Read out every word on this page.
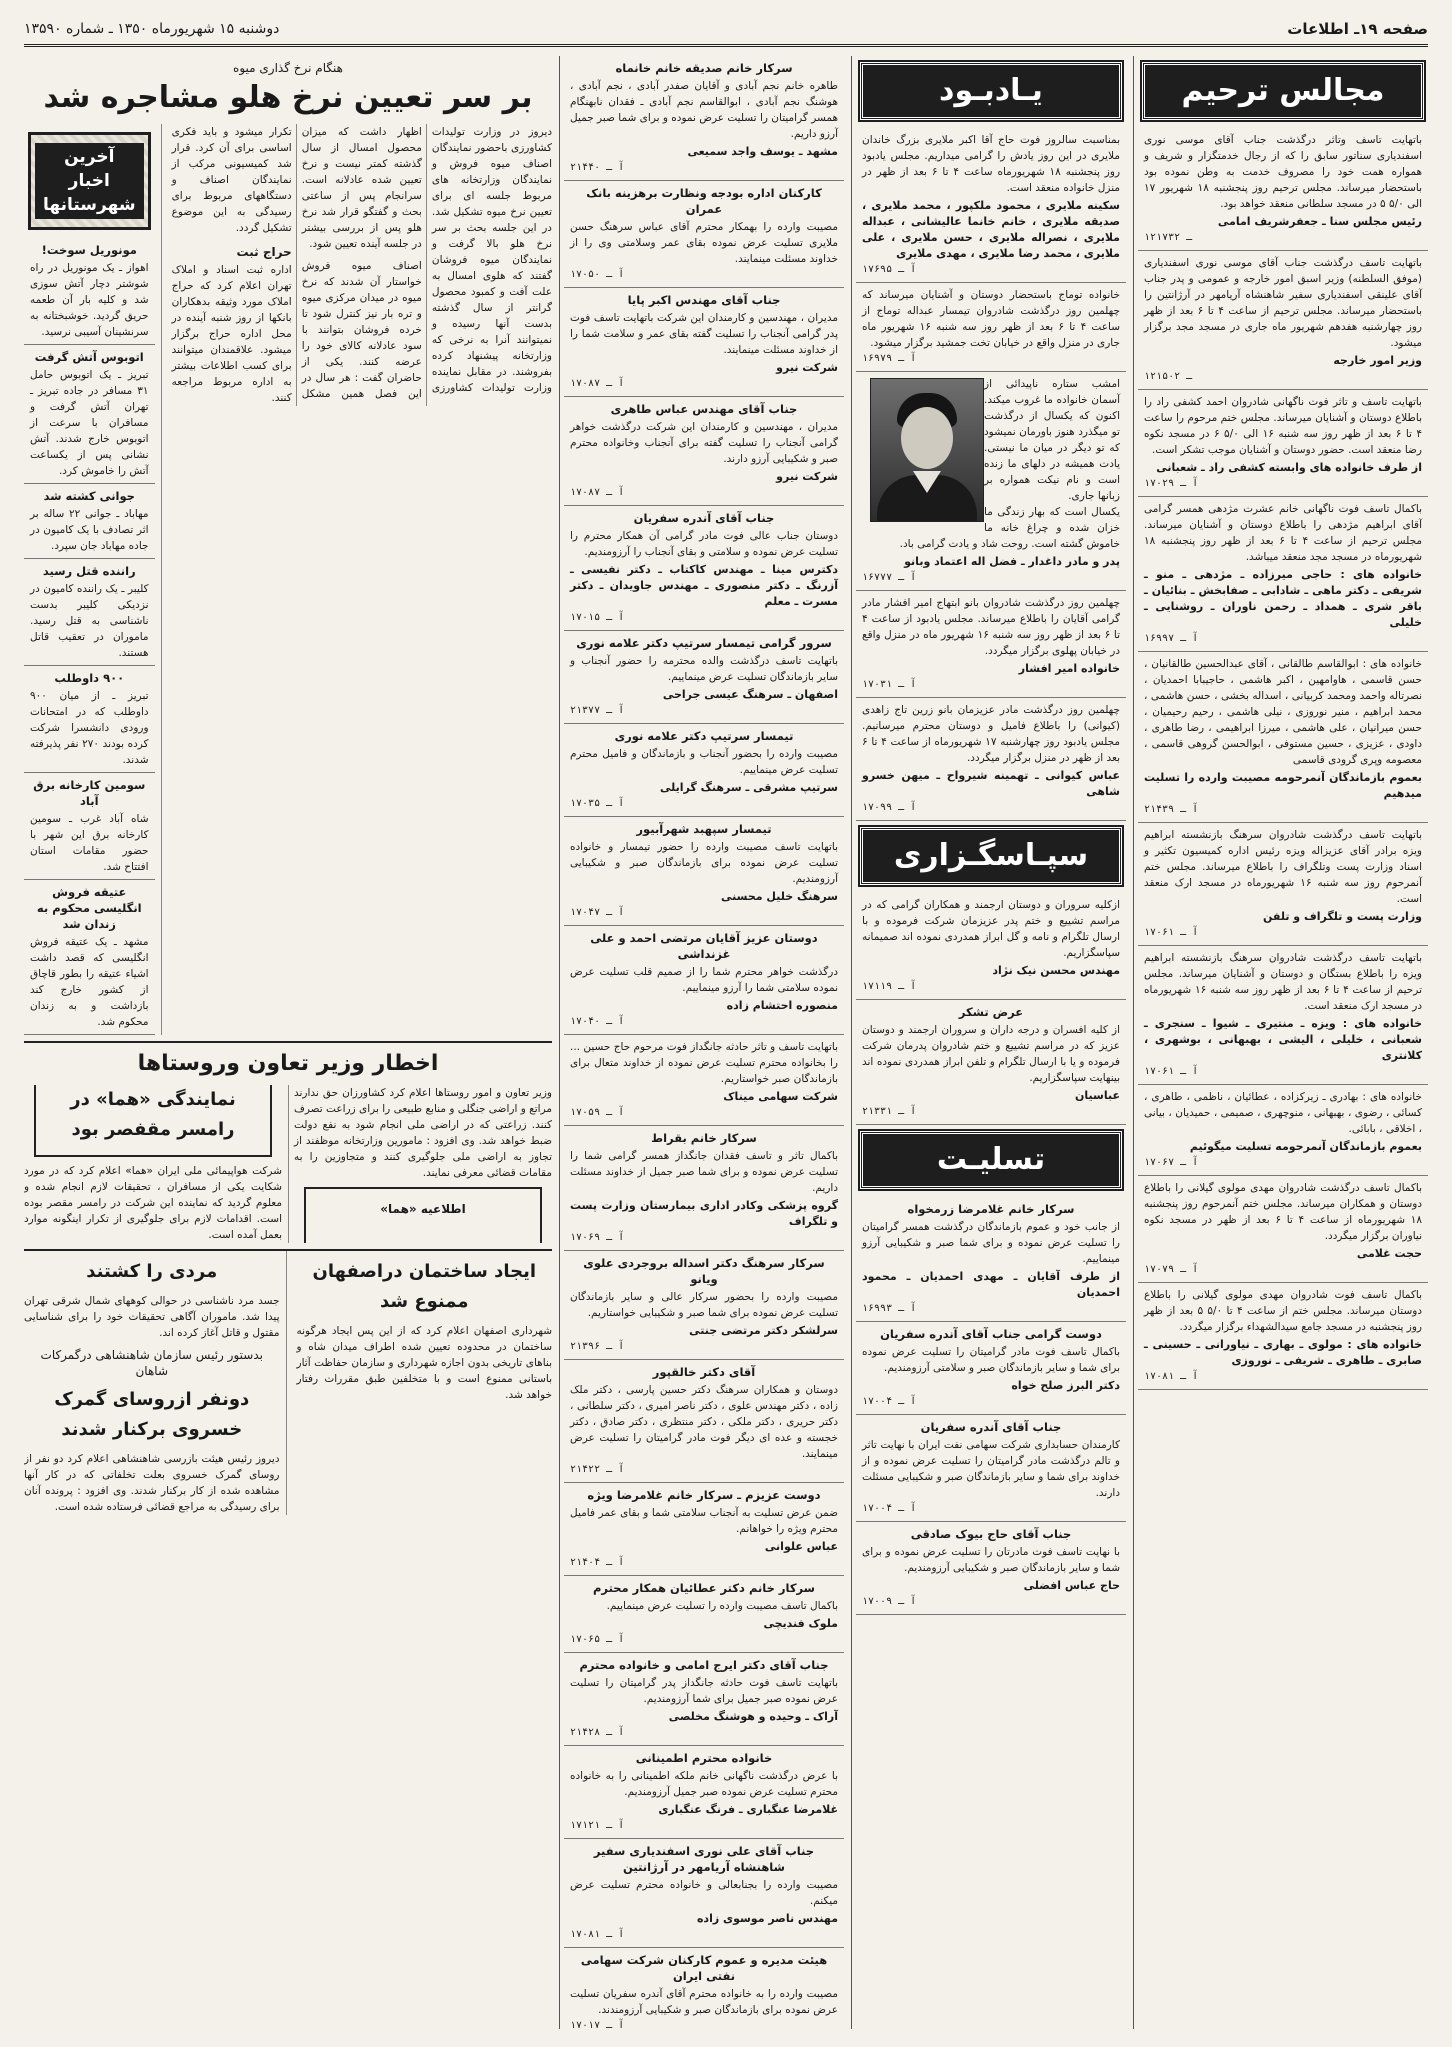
صفحه ۱۹ـ اطلاعات
دوشنبه ۱۵ شهریورماه ۱۳۵۰ ـ شماره ۱۳۵۹۰
مجالس ترحیم
باتهایت تاسف وتاثر درگذشت جناب آقای موسی نوری اسفندیاری سناتور سابق را که از رجال خدمتگزار و شریف و همواره همت خود را مصروف خدمت به وطن نموده بود باستحضار میرساند. مجلس ترحیم روز پنجشنبه ۱۸ شهریور ۱۷ الی ۵/۰ ۵ در مسجد سلطانی منعقد خواهد بود.
رئیس مجلس سنا ـ جعفرشریف امامی
۱ـ ۲۱۷۳۲
باتهایت تاسف درگذشت جناب آقای موسی نوری اسفندیاری (موفق السلطنه) وزیر اسبق امور خارجه و عمومی و پدر جناب آقای علینقی اسفندیاری سفیر شاهنشاه آریامهر در آرژانتین را باستحضار میرساند. مجلس ترحیم از ساعت ۴ تا ۶ بعد از ظهر روز چهارشنبه هفدهم شهریور ماه جاری در مسجد مجد برگزار میشود.
وزیر امور خارجه
۱ـ ۲۱۵۰۲
باتهایت تاسف و تاثر فوت ناگهانی شادروان احمد کشفی راد را باطلاع دوستان و آشنایان میرساند. مجلس ختم مرحوم را ساعت ۴ تا ۶ بعد از ظهر روز سه شنبه ۱۶ الی ۵/۰ ۶ در مسجد نکوه رضا منعقد است. حضور دوستان و آشنایان موجب تشکر است.
از طرف خانواده های وابسته کشفی راد ـ شعبانی
آ ـ ۱۷۰۲۹
باکمال تاسف فوت ناگهانی خانم عشرت مژدهی همسر گرامی آقای ابراهیم مژدهی را باطلاع دوستان و آشنایان میرساند. مجلس ترحیم از ساعت ۴ تا ۶ بعد از ظهر روز پنجشنبه ۱۸ شهریورماه در مسجد مجد منعقد میباشد.
خانواده های : حاجی میرزاده ـ مژدهی ـ منو ـ شریفی ـ دکتر ماهی ـ شادابی ـ صفابخش ـ بنائیان ـ باقر شری ـ همداد ـ رحمن ناوران ـ روشنایی ـ خلیلی
آ ـ ۱۶۹۹۷
خانواده های : ابوالقاسم طالقانی ، آقای عبدالحسین طالقانیان ، حسن قاسمی ، هاوامهین ، اکبر هاشمی ، حاجیبابا احمدیان ، نصرتاله واحمد ومحمد کربیانی ، اسداله بخشی ، حسن هاشمی ، محمد ابراهیم ، منیر نوروزی ، نیلی هاشمی ، رحیم رحیمیان ، حسن میرانیان ، علی هاشمی ، میرزا ابراهیمی ، رضا طاهری ، داودی ، عزیزی ، حسین مستوفی ، ابوالحسن گروهی قاسمی ، معصومه وپری گرودی قاسمی
بعموم بازماندگان آنمرحومه مصیبت وارده را تسلیت میدهیم
آ ـ ۲۱۴۳۹
باتهایت تاسف درگذشت شادروان سرهنگ بازنشسته ابراهیم ویزه برادر آقای عزیزاله ویزه رئیس اداره کمیسیون تکثیر و اسناد وزارت پست وتلگراف را باطلاع میرساند. مجلس ختم آنمرحوم روز سه شنبه ۱۶ شهریورماه در مسجد ارک منعقد است.
وزارت پست و تلگراف و تلفن
آ ـ ۱۷۰۶۱
باتهایت تاسف درگذشت شادروان سرهنگ بازنشسته ابراهیم ویزه را باطلاع بستگان و دوستان و آشنایان میرساند. مجلس ترحیم از ساعت ۴ تا ۶ بعد از ظهر روز سه شنبه ۱۶ شهریورماه در مسجد ارک منعقد است.
خانواده های : ویزه ـ منتیری ـ شیوا ـ سنجری ـ شعبانی ، خلیلی ، الیشی ، بهبهانی ، بوشهری ، کلانتری
آ ـ ۱۷۰۶۱
خانواده های : بهادری ـ زیرکزاده ، عطائیان ، ناظمی ، طاهری ، کسائی ، رضوی ، بهبهانی ، منوچهری ، صمیمی ، حمیدیان ، بیانی ، اخلاقی ، بابائی.
بعموم بازماندگان آنمرحومه تسلیت میگوئیم
آ ـ ۱۷۰۶۷
باکمال تاسف درگذشت شادروان مهدی مولوی گیلانی را باطلاع دوستان و همکاران میرساند. مجلس ختم آنمرحوم روز پنجشنبه ۱۸ شهریورماه از ساعت ۴ تا ۶ بعد از ظهر در مسجد نکوه نیاوران برگزار میگردد.
حجت غلامی
آ ـ ۱۷۰۷۹
باکمال تاسف فوت شادروان مهدی مولوی گیلانی را باطلاع دوستان میرساند. مجلس ختم از ساعت ۴ تا ۵/۰ ۵ بعد از ظهر روز پنجشنبه در مسجد جامع سیدالشهداء برگزار میگردد.
خانواده های : مولوی ـ بهاری ـ نیاورانی ـ حسینی ـ صابری ـ طاهری ـ شریفی ـ نوروزی
آ ـ ۱۷۰۸۱
یـادبـود
بمناسبت سالروز فوت حاج آقا اکبر ملایری بزرگ خاندان ملایری در این روز یادش را گرامی میداریم. مجلس یادبود روز پنجشنبه ۱۸ شهریورماه ساعت ۴ تا ۶ بعد از ظهر در منزل خانواده منعقد است.
سکینه ملایری ، محمود ملکپور ، محمد ملایری ، صدیقه ملایری ، خانم خانما عالیشانی ، عبداله ملایری ، نصراله ملایری ، حسن ملایری ، علی ملایری ، محمد رضا ملایری ، مهدی ملایری
آ ـ ۱۷۶۹۵
خانواده توماج باستحضار دوستان و آشنایان میرساند که چهلمین روز درگذشت شادروان تیمسار عبداله توماج از ساعت ۴ تا ۶ بعد از ظهر روز سه شنبه ۱۶ شهریور ماه جاری در منزل واقع در خیابان تخت جمشید برگزار میشود.
آ ـ ۱۶۹۷۹
امشب ستاره ناپیدائی از آسمان خانواده ما غروب میکند. اکنون که یکسال از درگذشت تو میگذرد هنوز باورمان نمیشود که تو دیگر در میان ما نیستی. یادت همیشه در دلهای ما زنده است و نام نیکت همواره بر زبانها جاری.
یکسال است که بهار زندگی ما خزان شده و چراغ خانه ما خاموش گشته است. روحت شاد و یادت گرامی باد.
پدر و مادر داغدار ـ فضل اله اعتماد وبانو
آ ـ ۱۶۷۷۷
چهلمین روز درگذشت شادروان بانو ابتهاج امیر افشار مادر گرامی آقایان را باطلاع میرساند. مجلس یادبود از ساعت ۴ تا ۶ بعد از ظهر روز سه شنبه ۱۶ شهریور ماه در منزل واقع در خیابان پهلوی برگزار میگردد.
خانواده امیر افشار
آ ـ ۱۷۰۳۱
چهلمین روز درگذشت مادر عزیزمان بانو زرین تاج زاهدی (کیوانی) را باطلاع فامیل و دوستان محترم میرسانیم. مجلس یادبود روز چهارشنبه ۱۷ شهریورماه از ساعت ۴ تا ۶ بعد از ظهر در منزل برگزار میگردد.
عباس کیوانی ـ تهمینه شیرواح ـ میهن خسرو شاهی
آ ـ ۱۷۰۹۹
سپـاسگـزاری
ازکلیه سروران و دوستان ارجمند و همکاران گرامی که در مراسم تشییع و ختم پدر عزیزمان شرکت فرموده و با ارسال تلگرام و نامه و گل ابراز همدردی نموده اند صمیمانه سپاسگزاریم.
مهندس محسن نیک نژاد
آ ـ ۱۷۱۱۹
عرض تشکر
از کلیه افسران و درجه داران و سروران ارجمند و دوستان عزیز که در مراسم تشییع و ختم شادروان پدرمان شرکت فرموده و یا با ارسال تلگرام و تلفن ابراز همدردی نموده اند بینهایت سپاسگزاریم.
عباسیان
آ ـ ۲۱۳۳۱
تسلیـت
سرکار خانم غلامرضا زرمخواه
از جانب خود و عموم بازماندگان درگذشت همسر گرامیتان را تسلیت عرض نموده و برای شما صبر و شکیبایی آرزو مینماییم.
از طرف آقایان ـ مهدی احمدیان ـ محمود احمدیان
آ ـ ۱۶۹۹۳
دوست گرامی جناب آقای آندره سفریان
باکمال تاسف فوت مادر گرامیتان را تسلیت عرض نموده برای شما و سایر بازماندگان صبر و سلامتی آرزومندیم.
دکتر البرز صلح خواه
آ ـ ۱۷۰۰۴
جناب آقای آندره سفریان
کارمندان حسابداری شرکت سهامی نفت ایران با نهایت تاثر و تالم درگذشت مادر گرامیتان را تسلیت عرض نموده و از خداوند برای شما و سایر بازماندگان صبر و شکیبایی مسئلت دارند.
آ ـ ۱۷۰۰۴
جناب آقای حاج بیوک صادقی
با نهایت تاسف فوت مادرتان را تسلیت عرض نموده و برای شما و سایر بازماندگان صبر و شکیبایی آرزومندیم.
حاج عباس افضلی
آ ـ ۱۷۰۰۹
سرکار خانم صدیقه خانم خانماه
طاهره خانم نجم آبادی و آقایان صفدر آبادی ، نجم آبادی ، هوشنگ نجم آبادی ، ابوالقاسم نجم آبادی ـ فقدان نابهنگام همسر گرامیتان را تسلیت عرض نموده و برای شما صبر جمیل آرزو داریم.
مشهد ـ یوسف واجد سمیعی
آ ـ ۲۱۴۴۰
کارکنان اداره بودجه ونظارت برهزینه بانک عمران
مصیبت وارده را بهمکار محترم آقای عباس سرهنگ حسن ملایری تسلیت عرض نموده بقای عمر وسلامتی وی را از خداوند مسئلت مینمایند.
آ ـ ۱۷۰۵۰
جناب آقای مهندس اکبر پایا
مدیران ، مهندسین و کارمندان این شرکت باتهایت تاسف فوت پدر گرامی آنجناب را تسلیت گفته بقای عمر و سلامت شما را از خداوند مسئلت مینمایند.
شرکت نیرو
آ ـ ۱۷۰۸۷
جناب آقای مهندس عباس طاهری
مدیران ، مهندسین و کارمندان این شرکت درگذشت خواهر گرامی آنجناب را تسلیت گفته برای آنجناب وخانواده محترم صبر و شکیبایی آرزو دارند.
شرکت نیرو
آ ـ ۱۷۰۸۷
جناب آقای آندره سفریان
دوستان جناب عالی فوت مادر گرامی آن همکار محترم را تسلیت عرض نموده و سلامتی و بقای آنجناب را آرزومندیم.
دکترس مینا ـ مهندس کاکتاب ـ دکتر نفیسی ـ آزرنگ ـ دکتر منصوری ـ مهندس جاویدان ـ دکتر مسرت ـ معلم
آ ـ ۱۷۰۱۵
سرور گرامی تیمسار سرتیپ دکتر علامه نوری
باتهایت تاسف درگذشت والده محترمه را حضور آنجناب و سایر بازماندگان تسلیت عرض مینماییم.
اصفهان ـ سرهنگ عیسی جراحی
آ ـ ۲۱۳۷۷
تیمسار سرتیپ دکتر علامه نوری
مصیبت وارده را بحضور آنجناب و بازماندگان و فامیل محترم تسلیت عرض مینماییم.
سرتیپ مشرقی ـ سرهنگ گرایلی
آ ـ ۱۷۰۳۵
تیمسار سپهبد شهرآبیور
باتهایت تاسف مصیبت وارده را حضور تیمسار و خانواده تسلیت عرض نموده برای بازماندگان صبر و شکیبایی آرزومندیم.
سرهنگ خلیل محسنی
آ ـ ۱۷۰۴۷
دوستان عزیز آقایان مرتضی احمد و علی غزنداشی
درگذشت خواهر محترم شما را از صمیم قلب تسلیت عرض نموده سلامتی شما را آرزو مینماییم.
منصوره احتشام زاده
آ ـ ۱۷۰۴۰
باتهایت تاسف و تاثر حادثه جانگداز فوت مرحوم حاج حسین ... را بخانواده محترم تسلیت عرض نموده از خداوند متعال برای بازماندگان صبر خواستاریم.
شرکت سهامی میناک
آ ـ ۱۷۰۵۹
سرکار خانم بقراط
باکمال تاثر و تاسف فقدان جانگداز همسر گرامی شما را تسلیت عرض نموده و برای شما صبر جمیل از خداوند مسئلت داریم.
گروه پزشکی وکادر اداری بیمارستان وزارت پست و تلگراف
آ ـ ۱۷۰۶۹
سرکار سرهنگ دکتر اسداله بروجردی علوی ویانو
مصیبت وارده را بحضور سرکار عالی و سایر بازماندگان تسلیت عرض نموده برای شما صبر و شکیبایی خواستاریم.
سرلشکر دکتر مرتضی جنتی
آ ـ ۲۱۳۹۶
آقای دکتر خالقپور
دوستان و همکاران سرهنگ دکتر حسین پارسی ، دکتر ملک زاده ، دکتر مهندس علوی ، دکتر ناصر امیری ، دکتر سلطانی ، دکتر حریری ، دکتر ملکی ، دکتر منتظری ، دکتر صادق ، دکتر خجسته و عده ای دیگر فوت مادر گرامیتان را تسلیت عرض مینمایند.
آ ـ ۲۱۴۲۲
دوست عزیزم ـ سرکار خانم غلامرضا ویژه
ضمن عرض تسلیت به آنجناب سلامتی شما و بقای عمر فامیل محترم ویژه را خواهانم.
عباس علوانی
آ ـ ۲۱۴۰۴
سرکار خانم دکتر عطائیان همکار محترم
باکمال تاسف مصیبت وارده را تسلیت عرض مینماییم.
ملوک فندیچی
آ ـ ۱۷۰۶۵
جناب آقای دکتر ایرج امامی و خانواده محترم
باتهایت تاسف فوت حادثه جانگداز پدر گرامیتان را تسلیت عرض نموده صبر جمیل برای شما آرزومندیم.
آراک ـ وحیده و هوشنگ مخلصی
آ ـ ۲۱۴۲۸
خانواده محترم اطمینانی
با عرض درگذشت ناگهانی خانم ملکه اطمینانی را به خانواده محترم تسلیت عرض نموده صبر جمیل آرزومندیم.
غلامرضا عنگباری ـ فرنگ عنگباری
آ ـ ۱۷۱۲۱
جناب آقای علی نوری اسفندیاری سفیر شاهنشاه آریامهر در آرژانتین
مصیبت وارده را بجنابعالی و خانواده محترم تسلیت عرض میکنم.
مهندس ناصر موسوی زاده
آ ـ ۱۷۰۸۱
هیئت مدیره و عموم کارکنان شرکت سهامی نفتی ایران
مصیبت وارده را به خانواده محترم آقای آندره سفریان تسلیت عرض نموده برای بازماندگان صبر و شکیبایی آرزومندند.
آ ـ ۱۷۰۱۷
هنگام نرخ گذاری میوه
بر سر تعیین نرخ هلو مشاجره شد

دیروز در وزارت تولیدات کشاورزی باحضور نمایندگان اصناف میوه فروش و نمایندگان وزارتخانه های مربوط جلسه ای برای تعیین نرخ میوه تشکیل شد. در این جلسه بحث بر سر نرخ هلو بالا گرفت و نمایندگان میوه فروشان گفتند که هلوی امسال به علت آفت و کمبود محصول گرانتر از سال گذشته بدست آنها رسیده و نمیتوانند آنرا به نرخی که وزارتخانه پیشنهاد کرده بفروشند. در مقابل نماینده وزارت تولیدات کشاورزی اظهار داشت که میزان محصول امسال از سال گذشته کمتر نیست و نرخ تعیین شده عادلانه است. سرانجام پس از ساعتی بحث و گفتگو قرار شد نرخ هلو پس از بررسی بیشتر در جلسه آینده تعیین شود.

اصناف میوه فروش خواستار آن شدند که نرخ میوه در میدان مرکزی میوه و تره بار نیز کنترل شود تا خرده فروشان بتوانند با سود عادلانه کالای خود را عرضه کنند. یکی از حاضران گفت : هر سال در این فصل همین مشکل تکرار میشود و باید فکری اساسی برای آن کرد. قرار شد کمیسیونی مرکب از نمایندگان اصناف و دستگاههای مربوط برای رسیدگی به این موضوع تشکیل گردد.

حراج ثبت

اداره ثبت اسناد و املاک تهران اعلام کرد که حراج املاک مورد وثیقه بدهکاران بانکها از روز شنبه آینده در محل اداره حراج برگزار میشود. علاقمندان میتوانند برای کسب اطلاعات بیشتر به اداره مربوط مراجعه کنند.

آخرین اخبار شهرستانها
مونوریل سوخت!
اهواز ـ یک مونوریل در راه شوشتر دچار آتش سوزی شد و کلیه بار آن طعمه حریق گردید. خوشبختانه به سرنشینان آسیبی نرسید.
اتوبوس آتش گرفت
تبریز ـ یک اتوبوس حامل ۳۱ مسافر در جاده تبریز ـ تهران آتش گرفت و مسافران با سرعت از اتوبوس خارج شدند. آتش نشانی پس از یکساعت آتش را خاموش کرد.
جوانی کشته شد
مهاباد ـ جوانی ۲۲ ساله بر اثر تصادف با یک کامیون در جاده مهاباد جان سپرد.
راننده قتل رسید
کلیبر ـ یک راننده کامیون در نزدیکی کلیبر بدست ناشناسی به قتل رسید. ماموران در تعقیب قاتل هستند.
۹۰۰ داوطلب
تبریز ـ از میان ۹۰۰ داوطلب که در امتحانات ورودی دانشسرا شرکت کرده بودند ۲۷۰ نفر پذیرفته شدند.
سومین کارخانه برق آباد
شاه آباد غرب ـ سومین کارخانه برق این شهر با حضور مقامات استان افتتاح شد.
عتیقه فروش انگلیسی محکوم به زندان شد
مشهد ـ یک عتیقه فروش انگلیسی که قصد داشت اشیاء عتیقه را بطور قاچاق از کشور خارج کند بازداشت و به زندان محکوم شد.
اخطار وزیر تعاون وروستاها

وزیر تعاون و امور روستاها اعلام کرد کشاورزان حق ندارند مراتع و اراضی جنگلی و منابع طبیعی را برای زراعت تصرف کنند. زراعتی که در اراضی ملی انجام شود به نفع دولت ضبط خواهد شد. وی افزود : مامورین وزارتخانه موظفند از تجاوز به اراضی ملی جلوگیری کنند و متجاوزین را به مقامات قضائی معرفی نمایند.

اطلاعیه «هما»
نمایندگی «هما» در رامسر مقفصر بود

شرکت هواپیمائی ملی ایران «هما» اعلام کرد که در مورد شکایت یکی از مسافران ، تحقیقات لازم انجام شده و معلوم گردید که نماینده این شرکت در رامسر مقصر بوده است. اقدامات لازم برای جلوگیری از تکرار اینگونه موارد بعمل آمده است.

ایجاد ساختمان دراصفهان ممنوع شد

شهرداری اصفهان اعلام کرد که از این پس ایجاد هرگونه ساختمان در محدوده تعیین شده اطراف میدان شاه و بناهای تاریخی بدون اجازه شهرداری و سازمان حفاظت آثار باستانی ممنوع است و با متخلفین طبق مقررات رفتار خواهد شد.

مردی را کشتند

جسد مرد ناشناسی در حوالی کوههای شمال شرقی تهران پیدا شد. ماموران آگاهی تحقیقات خود را برای شناسایی مقتول و قاتل آغاز کرده اند.

بدستور رئیس سازمان شاهنشاهی درگمرکات شاهان
دونفر ازروسای گمرک خسروی برکنار شدند

دیروز رئیس هیئت بازرسی شاهنشاهی اعلام کرد دو نفر از روسای گمرک خسروی بعلت تخلفاتی که در کار آنها مشاهده شده از کار برکنار شدند. وی افزود : پرونده آنان برای رسیدگی به مراجع قضائی فرستاده شده است.
